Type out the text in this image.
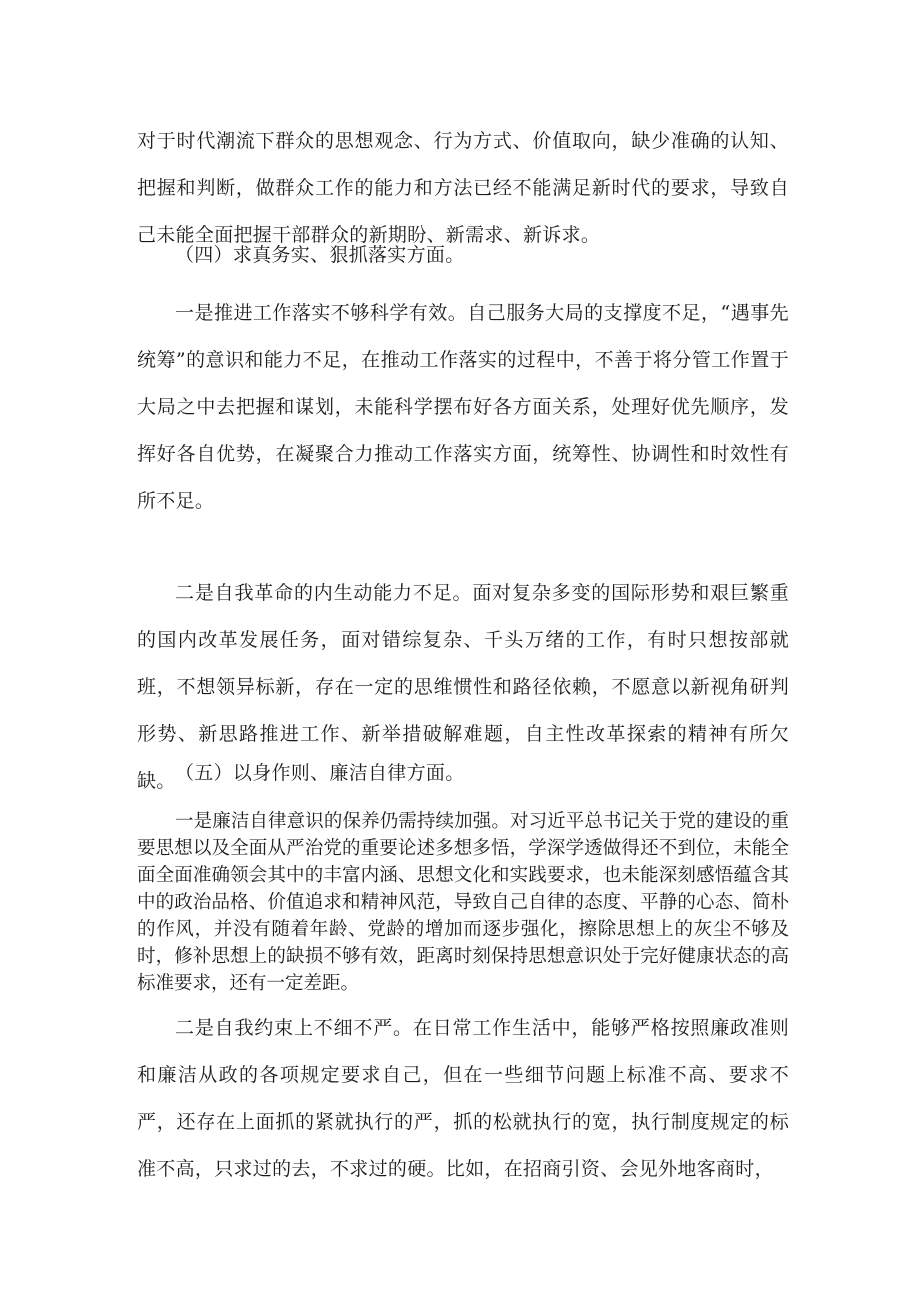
对于时代潮流下群众的思想观念、行为方式、价值取向，缺少准确的认知、把握和判断，做群众工作的能力和方法已经不能满足新时代的要求，导致自己未能全面把握干部群众的新期盼、新需求、新诉求。

（四）求真务实、狠抓落实方面。

一是推进工作落实不够科学有效。自己服务大局的支撑度不足，“遇事先统筹”的意识和能力不足，在推动工作落实的过程中，不善于将分管工作置于大局之中去把握和谋划，未能科学摆布好各方面关系，处理好优先顺序，发挥好各自优势，在凝聚合力推动工作落实方面，统筹性、协调性和时效性有所不足。

二是自我革命的内生动能力不足。面对复杂多变的国际形势和艰巨繁重的国内改革发展任务，面对错综复杂、千头万绪的工作，有时只想按部就班，不想领异标新，存在一定的思维惯性和路径依赖，不愿意以新视角研判形势、新思路推进工作、新举措破解难题，自主性改革探索的精神有所欠缺。 （五）以身作则、廉洁自律方面。

一是廉洁自律意识的保养仍需持续加强。对习近平总书记关于党的建设的重要思想以及全面从严治党的重要论述多想多悟，学深学透做得还不到位，未能全面全面准确领会其中的丰富内涵、思想文化和实践要求，也未能深刻感悟蕴含其中的政治品格、价值追求和精神风范，导致自己自律的态度、平静的心态、简朴的作风，并没有随着年龄、党龄的增加而逐步强化，擦除思想上的灰尘不够及时，修补思想上的缺损不够有效，距离时刻保持思想意识处于完好健康状态的高标准要求，还有一定差距。

二是自我约束上不细不严。在日常工作生活中，能够严格按照廉政准则和廉洁从政的各项规定要求自己，但在一些细节问题上标准不高、要求不严，还存在上面抓的紧就执行的严，抓的松就执行的宽，执行制度规定的标准不高，只求过的去，不求过的硬。比如，在招商引资、会见外地客商时，
